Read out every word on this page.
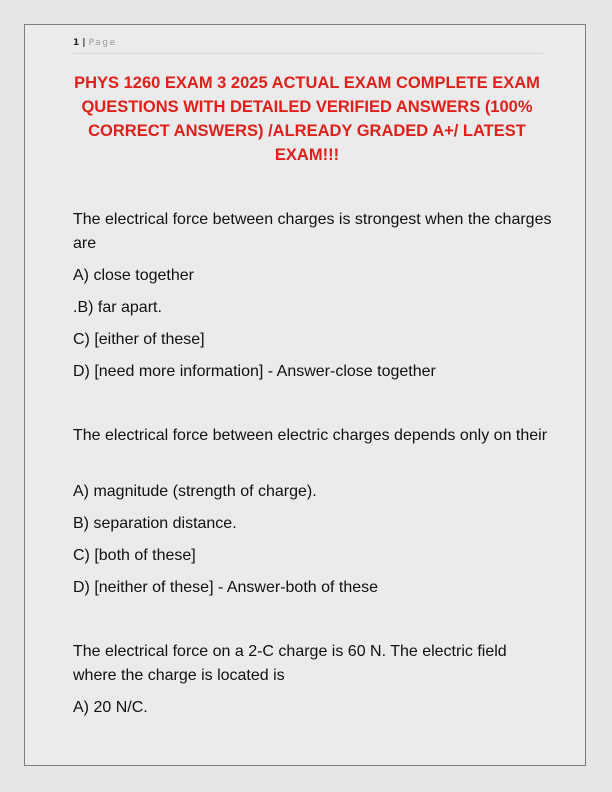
1 | Page
PHYS 1260 EXAM 3 2025 ACTUAL EXAM COMPLETE EXAM QUESTIONS WITH DETAILED VERIFIED ANSWERS (100% CORRECT ANSWERS) /ALREADY GRADED A+/ LATEST EXAM!!!

The electrical force between charges is strongest when the charges are

A) close together

.B) far apart.

C) [either of these]

D) [need more information] - Answer-close together

The electrical force between electric charges depends only on their

A) magnitude (strength of charge).

B) separation distance.

C) [both of these]

D) [neither of these] - Answer-both of these

The electrical force on a 2-C charge is 60 N. The electric field where the charge is located is

A) 20 N/C.
